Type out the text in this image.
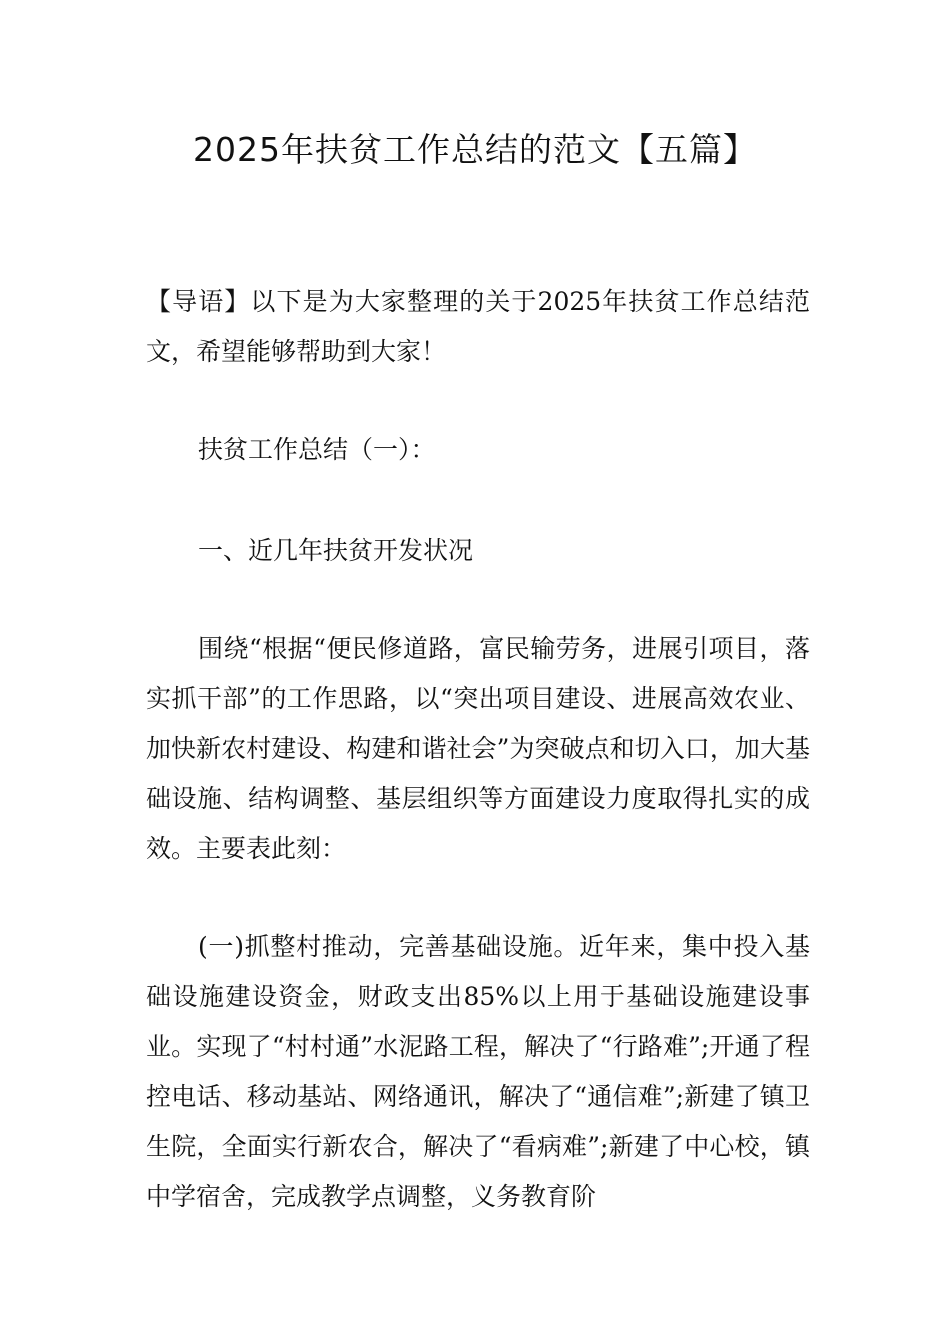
2025年扶贫工作总结的范文【五篇】

【导语】以下是为大家整理的关于2025年扶贫工作总结范文，希望能够帮助到大家！

扶贫工作总结（一）：

一、近几年扶贫开发状况

围绕“根据“便民修道路，富民输劳务，进展引项目，落实抓干部”的工作思路，以“突出项目建设、进展高效农业、加快新农村建设、构建和谐社会”为突破点和切入口，加大基础设施、结构调整、基层组织等方面建设力度取得扎实的成效。主要表此刻：

(一)抓整村推动，完善基础设施。近年来，集中投入基础设施建设资金，财政支出85%以上用于基础设施建设事业。实现了“村村通”水泥路工程，解决了“行路难”;开通了程控电话、移动基站、网络通讯，解决了“通信难”;新建了镇卫生院，全面实行新农合，解决了“看病难”;新建了中心校，镇中学宿舍，完成教学点调整，义务教育阶
